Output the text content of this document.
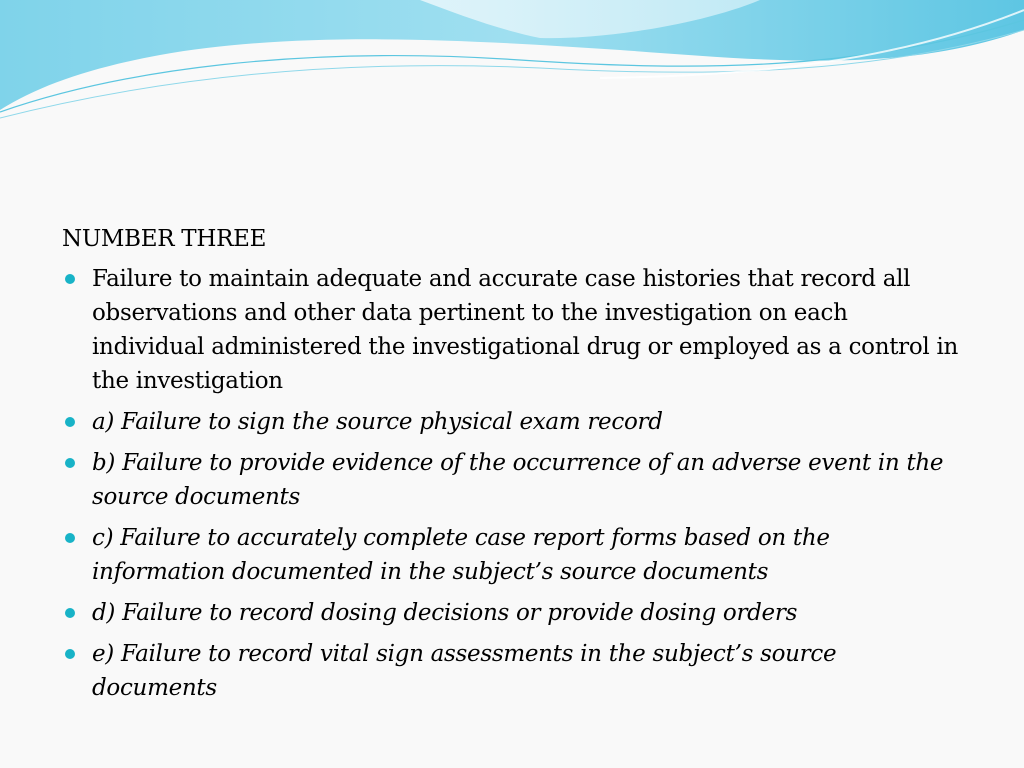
NUMBER THREE
Failure to maintain adequate and accurate case histories that record all observations and other data pertinent to the investigation on each individual administered the investigational drug or employed as a control in the investigation
a) Failure to sign the source physical exam record
b) Failure to provide evidence of the occurrence of an adverse event in the source documents
c) Failure to accurately complete case report forms based on the information documented in the subject’s source documents
d) Failure to record dosing decisions or provide dosing orders
e) Failure to record vital sign assessments in the subject’s source documents
